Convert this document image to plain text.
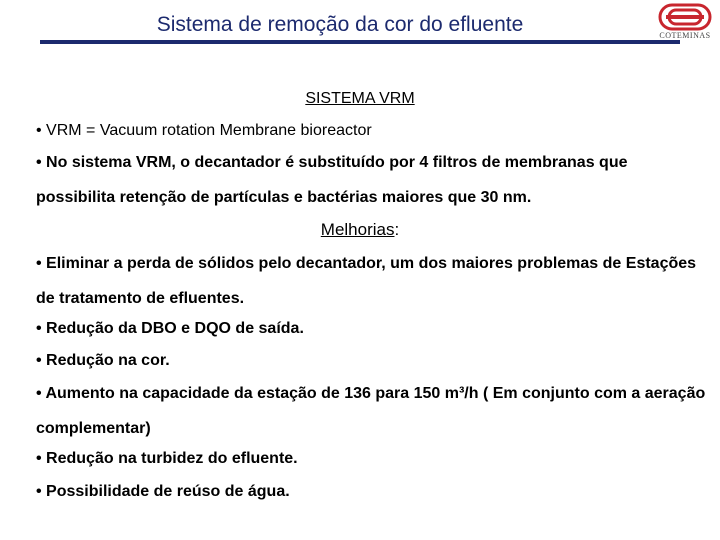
Sistema de remoção da cor do efluente	COTEMINAS
SISTEMA VRM
• VRM = Vacuum rotation Membrane bioreactor
• No sistema VRM, o decantador é substituído por 4 filtros de membranas que possibilita retenção de partículas e bactérias maiores que 30 nm.
Melhorias:
• Eliminar a perda de sólidos pelo decantador, um dos maiores problemas de Estações de tratamento de efluentes.
• Redução da DBO e DQO de saída.
• Redução na cor.
• Aumento na capacidade da estação de 136 para 150 m³/h ( Em conjunto com a aeração complementar)
• Redução na turbidez do efluente.
• Possibilidade de reúso de água.
